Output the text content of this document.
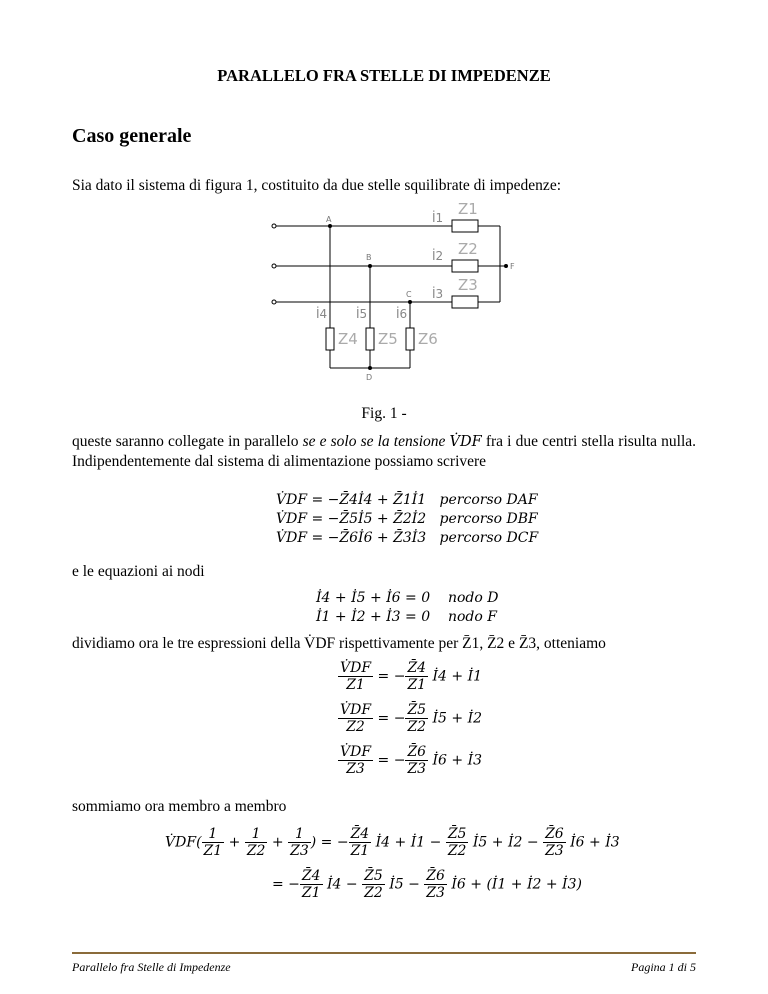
PARALLELO FRA STELLE DI IMPEDENZE
Caso generale
Sia dato il sistema di figura 1, costituito da due stelle squilibrate di impedenze:
A
B
C
D
F
İ1
İ2
İ3
İ4 İ5 İ6
Z1
Z2
Z3
Z4 Z5 Z6
Fig. 1 -
queste saranno collegate in parallelo se e solo se la tensione V̇DF fra i due centri stella risulta nulla. Indipendentemente dal sistema di alimentazione possiamo scrivere
V̇DF = −Z̄4İ4 + Z̄1İ1 percorso DAF
V̇DF = −Z̄5İ5 + Z̄2İ2 percorso DBF
V̇DF = −Z̄6İ6 + Z̄3İ3 percorso DCF
e le equazioni ai nodi
İ4 + İ5 + İ6 = 0 nodo D
İ1 + İ2 + İ3 = 0 nodo F
dividiamo ora le tre espressioni della V̇DF rispettivamente per Z̄1, Z̄2 e Z̄3, otteniamo
$\frac{V̇DF}{Z̄1}$ = − $\frac{Z̄4}{Z̄1}$ İ4 + İ1
$\frac{V̇DF}{Z̄2}$ = − $\frac{Z̄5}{Z̄2}$ İ5 + İ2
$\frac{V̇DF}{Z̄3}$ = − $\frac{Z̄6}{Z̄3}$ İ6 + İ3
sommiamo ora membro a membro
V̇DF( $\frac{1}{Z̄1} + \frac{1}{Z̄2} + \frac{1}{Z̄3}$ ) = − $\frac{Z̄4}{Z̄1}$ İ4 + İ1 − $\frac{Z̄5}{Z̄2}$ İ5 + İ2 − $\frac{Z̄6}{Z̄3}$ İ6 + İ3
= − $\frac{Z̄4}{Z̄1}$ İ4 − $\frac{Z̄5}{Z̄2}$ İ5 − $\frac{Z̄6}{Z̄3}$ İ6 + (İ1 + İ2 + İ3)
Parallelo fra Stelle di Impedenze	Pagina 1 di 5
